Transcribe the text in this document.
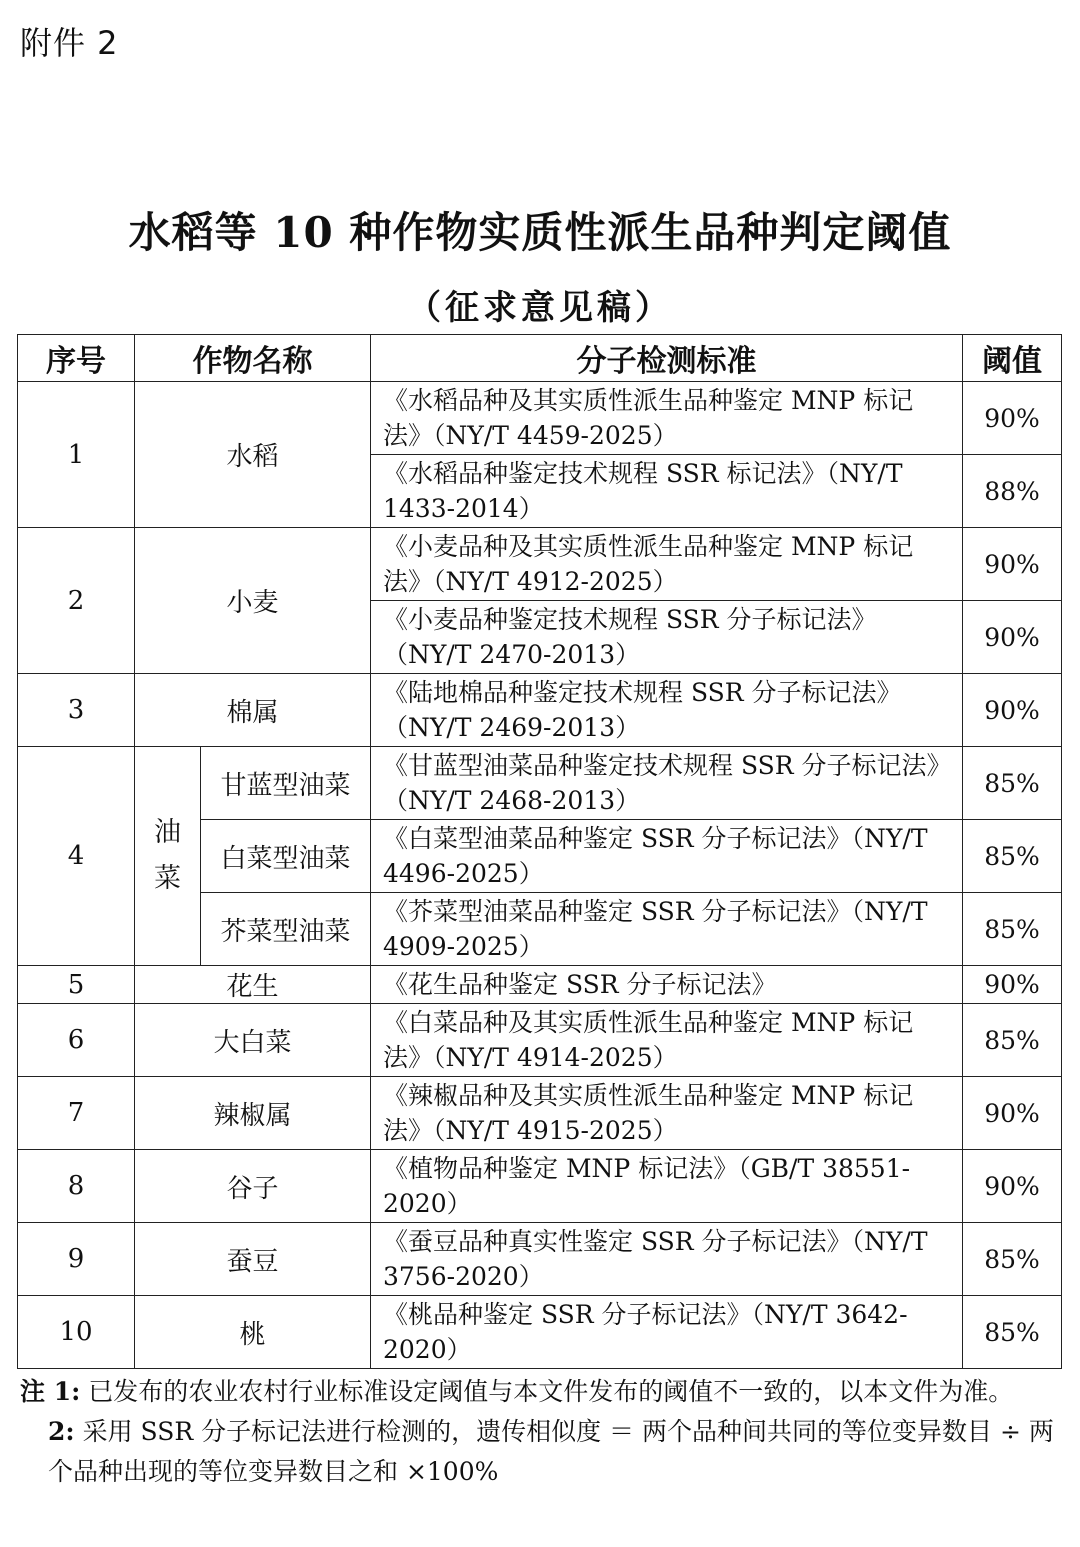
附件 2
水稻等 10 种作物实质性派生品种判定阈值
（征求意见稿）
序号	作物名称		分子检测标准	阈值
1	水稻		《水稻品种及其实质性派生品种鉴定 MNP 标记法》（NY/T 4459-2025）	90%
			《水稻品种鉴定技术规程 SSR 标记法》（NY/T 1433-2014）	88%
2	小麦		《小麦品种及其实质性派生品种鉴定 MNP 标记法》（NY/T 4912-2025）	90%
			《小麦品种鉴定技术规程 SSR 分子标记法》（NY/T 2470-2013）	90%
3	棉属		《陆地棉品种鉴定技术规程 SSR 分子标记法》（NY/T 2469-2013）	90%
4	油菜	甘蓝型油菜	《甘蓝型油菜品种鉴定技术规程 SSR 分子标记法》（NY/T 2468-2013）	85%
		白菜型油菜	《白菜型油菜品种鉴定 SSR 分子标记法》（NY/T 4496-2025）	85%
		芥菜型油菜	《芥菜型油菜品种鉴定 SSR 分子标记法》（NY/T 4909-2025）	85%
5	花生		《花生品种鉴定 SSR 分子标记法》	90%
6	大白菜		《白菜品种及其实质性派生品种鉴定 MNP 标记法》（NY/T 4914-2025）	85%
7	辣椒属		《辣椒品种及其实质性派生品种鉴定 MNP 标记法》（NY/T 4915-2025）	90%
8	谷子		《植物品种鉴定 MNP 标记法》（GB/T 38551-2020）	90%
9	蚕豆		《蚕豆品种真实性鉴定 SSR 分子标记法》（NY/T 3756-2020）	85%
10	桃		《桃品种鉴定 SSR 分子标记法》（NY/T 3642-2020）	85%

注 1: 已发布的农业农村行业标准设定阈值与本文件发布的阈值不一致的，以本文件为准。

2: 采用 SSR 分子标记法进行检测的，遗传相似度 ＝ 两个品种间共同的等位变异数目 ÷ 两个品种出现的等位变异数目之和 ×100%
